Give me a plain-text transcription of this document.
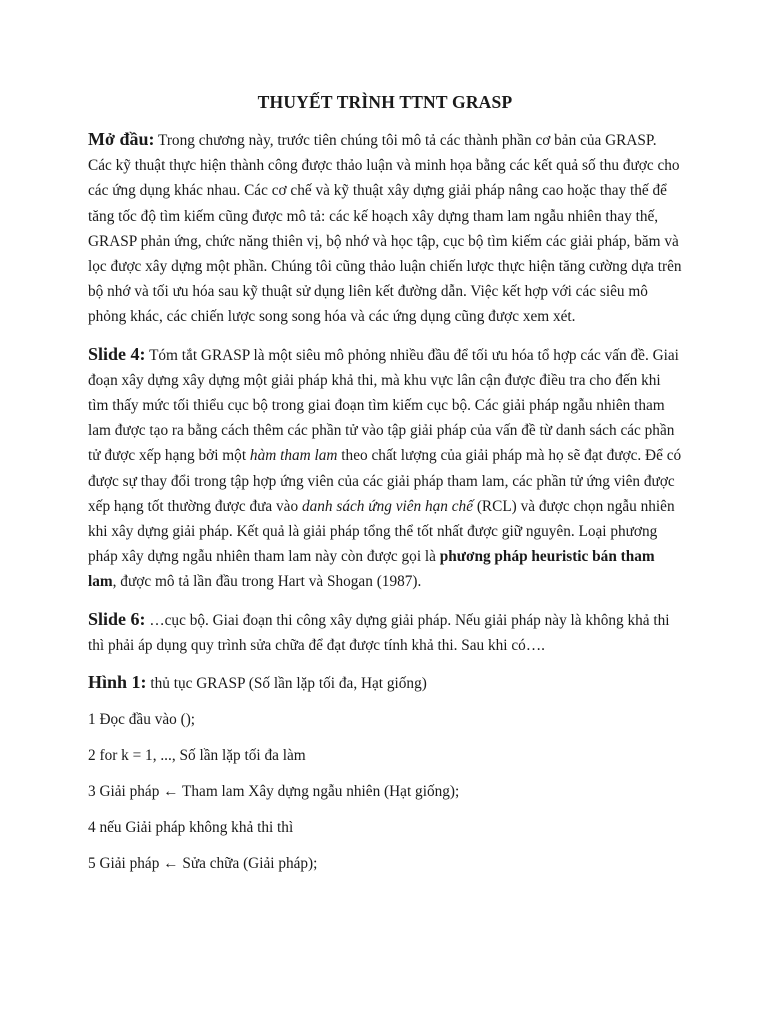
THUYẾT TRÌNH TTNT GRASP

Mở đầu: Trong chương này, trước tiên chúng tôi mô tả các thành phần cơ bản của GRASP. Các kỹ thuật thực hiện thành công được thảo luận và minh họa bằng các kết quả số thu được cho các ứng dụng khác nhau. Các cơ chế và kỹ thuật xây dựng giải pháp nâng cao hoặc thay thế để tăng tốc độ tìm kiếm cũng được mô tả: các kế hoạch xây dựng tham lam ngẫu nhiên thay thế, GRASP phản ứng, chức năng thiên vị, bộ nhớ và học tập, cục bộ tìm kiếm các giải pháp, băm và lọc được xây dựng một phần. Chúng tôi cũng thảo luận chiến lược thực hiện tăng cường dựa trên bộ nhớ và tối ưu hóa sau kỹ thuật sử dụng liên kết đường dẫn. Việc kết hợp với các siêu mô phỏng khác, các chiến lược song song hóa và các ứng dụng cũng được xem xét.

Slide 4: Tóm tắt GRASP là một siêu mô phỏng nhiều đầu để tối ưu hóa tổ hợp các vấn đề. Giai đoạn xây dựng xây dựng một giải pháp khả thi, mà khu vực lân cận được điều tra cho đến khi tìm thấy mức tối thiểu cục bộ trong giai đoạn tìm kiếm cục bộ. Các giải pháp ngẫu nhiên tham lam được tạo ra bằng cách thêm các phần tử vào tập giải pháp của vấn đề từ danh sách các phần tử được xếp hạng bởi một hàm tham lam theo chất lượng của giải pháp mà họ sẽ đạt được. Để có được sự thay đổi trong tập hợp ứng viên của các giải pháp tham lam, các phần tử ứng viên được xếp hạng tốt thường được đưa vào danh sách ứng viên hạn chế (RCL) và được chọn ngẫu nhiên khi xây dựng giải pháp. Kết quả là giải pháp tổng thể tốt nhất được giữ nguyên. Loại phương pháp xây dựng ngẫu nhiên tham lam này còn được gọi là phương pháp heuristic bán tham lam, được mô tả lần đầu trong Hart và Shogan (1987).

Slide 6: …cục bộ. Giai đoạn thi công xây dựng giải pháp. Nếu giải pháp này là không khả thi thì phải áp dụng quy trình sửa chữa để đạt được tính khả thi. Sau khi có….

Hình 1: thủ tục GRASP (Số lần lặp tối đa, Hạt giống)

1 Đọc đầu vào ();
2 for k = 1, ..., Số lần lặp tối đa làm
3 Giải pháp ← Tham lam Xây dựng ngẫu nhiên (Hạt giống);
4 nếu Giải pháp không khả thi thì
5 Giải pháp ← Sửa chữa (Giải pháp);
